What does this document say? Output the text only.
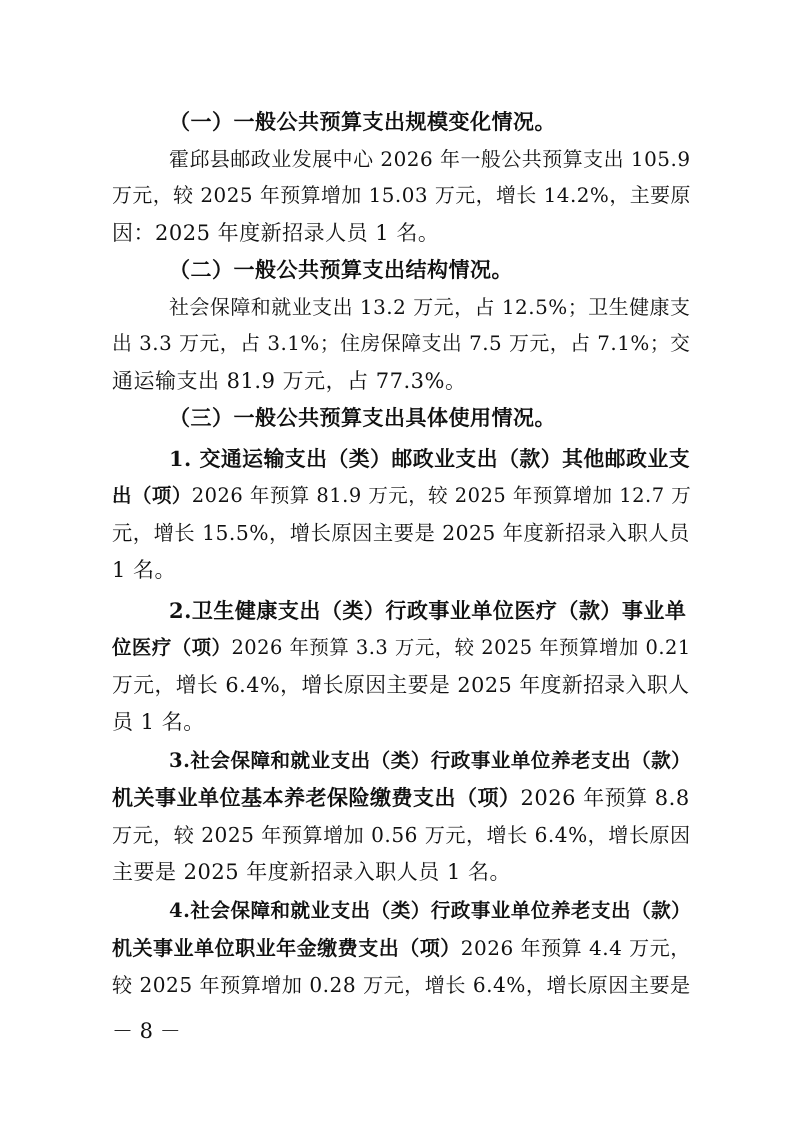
（一）一般公共预算支出规模变化情况。
霍邱县邮政业发展中心 2026 年一般公共预算支出 105.9
万元，较 2025 年预算增加 15.03 万元，增长 14.2%，主要原
因：2025 年度新招录人员 1 名。
（二）一般公共预算支出结构情况。
社会保障和就业支出 13.2 万元，占 12.5%；卫生健康支
出 3.3 万元，占 3.1%；住房保障支出 7.5 万元，占 7.1%；交
通运输支出 81.9 万元，占 77.3%。
（三）一般公共预算支出具体使用情况。
1. 交通运输支出（类）邮政业支出（款）其他邮政业支
出（项）2026 年预算 81.9 万元，较 2025 年预算增加 12.7 万
元，增长 15.5%，增长原因主要是 2025 年度新招录入职人员
1 名。
2.卫生健康支出（类）行政事业单位医疗（款）事业单
位医疗（项）2026 年预算 3.3 万元，较 2025 年预算增加 0.21
万元，增长 6.4%，增长原因主要是 2025 年度新招录入职人
员 1 名。
3.社会保障和就业支出（类）行政事业单位养老支出（款）
机关事业单位基本养老保险缴费支出（项）2026 年预算 8.8
万元，较 2025 年预算增加 0.56 万元，增长 6.4%，增长原因
主要是 2025 年度新招录入职人员 1 名。
4.社会保障和就业支出（类）行政事业单位养老支出（款）
机关事业单位职业年金缴费支出（项）2026 年预算 4.4 万元，
较 2025 年预算增加 0.28 万元，增长 6.4%，增长原因主要是
－ 8 －
